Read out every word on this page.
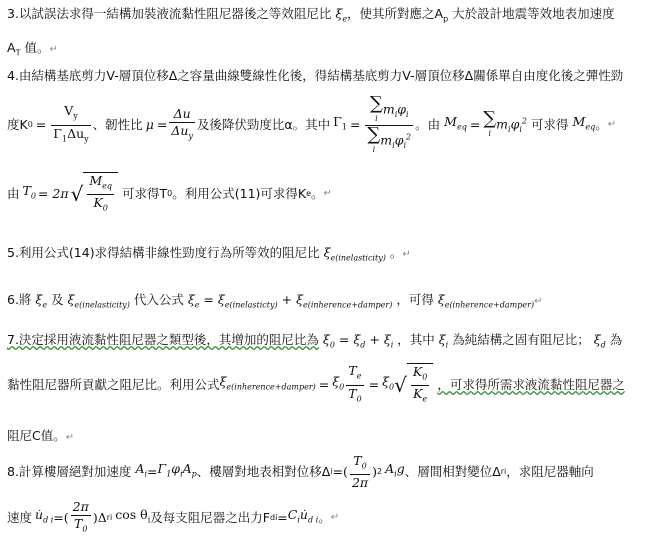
3.以試誤法求得一結構加裝液流黏性阻尼器後之等效阻尼比 $\xi_e$，使其所對應之$A_p$ 大於設計地震等效地表加速度
$A_T$ 值。↵
4.由結構基底剪力V-層頂位移Δ之容量曲線雙線性化後，得結構基底剪力V-層頂位移Δ關係單自由度化後之彈性勁
度K $0 = \frac{V_y}{\Gamma_1\Delta u_y}$ 、韌性比 $\mu = \frac{\Delta u}{\Delta u_y}$ 及後降伏勁度比α。其中 $\Gamma_1$ = ∑
i
$m_i\varphi_i$
∑
i
$m_i\varphi_i^2$ 。由 $M_{eq}$ = ∑
i
$m_i\varphi_i^2$ 可求得 $M_{eq}$ 。 ↵
由 $T_0 = 2\pi$ √ $\frac{M_{eq}}{K_0}$ 可求得T 0 。利用公式(11)可求得K e 。 ↵
5.利用公式(14)求得結構非線性勁度行為所等效的阻尼比 $\xi_{e(inelasticity)}$ 。↵
6.將 $\xi_e$ 及 $\xi_{e(inelasticity)}$ 代入公式 $\xi_e = \xi_{e(inelasticty)} + \xi_{e(inherence+damper)}$ ，可得 $\xi_{e(inherence+damper)}↵$
7.決定採用液流黏性阻尼器之類型後，其增加的阻尼比為 $\xi_0 = \xi_d + \xi_i$ ，其中 $\xi_i$ 為純結構之固有阻尼比； $\xi_d$ 為
黏性阻尼器所貢獻之阻尼比。利用公式 $\xi_{e(inherence+damper)} = \xi_0 \frac{T_e}{T_0} = \xi_0$ √ $\frac{K_0}{K_e}$ ，可求得所需求液流黏性阻尼器之
阻尼C值。↵
8.計算樓層絕對加速度 $A_i = \Gamma_1\varphi_iA_p$ 、樓層對地表相對位移Δ i =( $\frac{T_0}{2\pi}$ ) 2 $A_ig$ 、層間相對變位Δ ri ，求阻尼器軸向
速度 $u̇_{d i}$ =( $\frac{2\pi}{T_0} )\Delta$ ri $\cos \theta_i$ 及每支阻尼器之出力F di = $C_iu̇_{d i}$ 。 ↵
